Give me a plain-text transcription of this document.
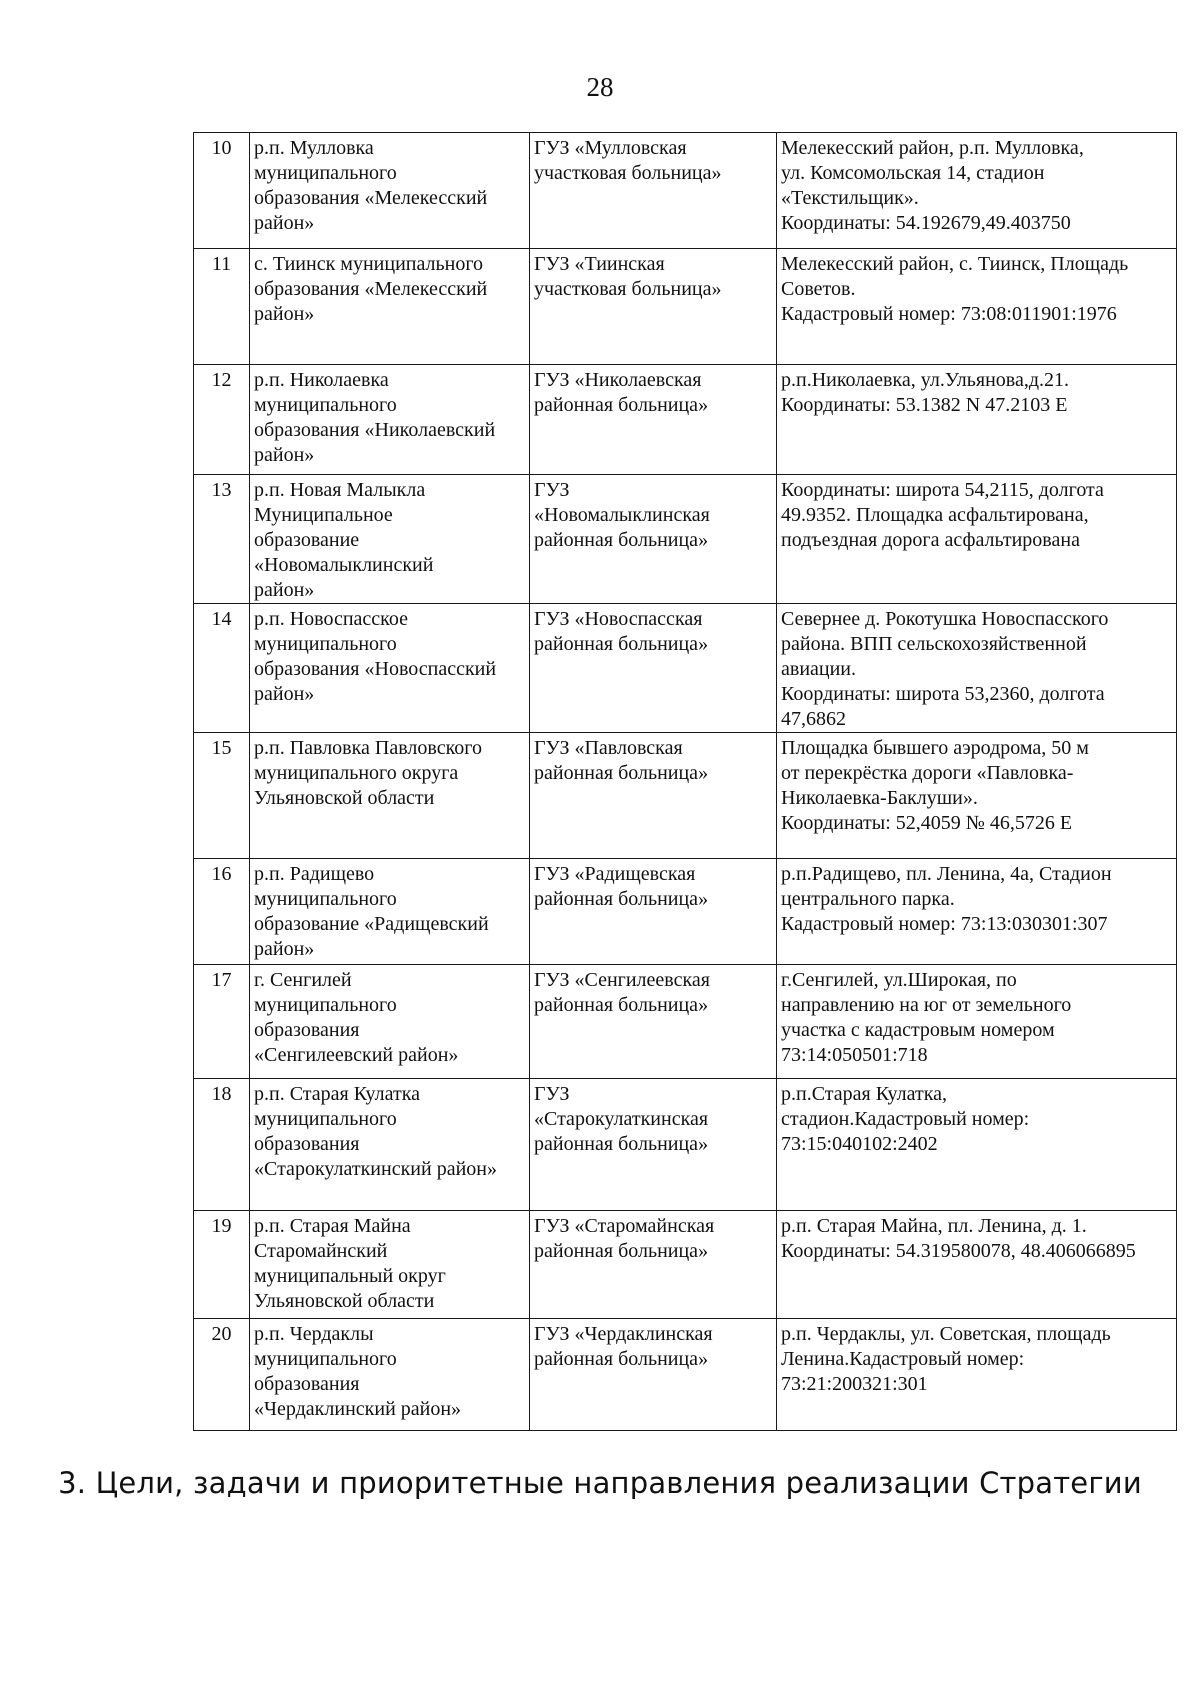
28
10	р.п. Мулловка
муниципального
образования «Мелекесский
район»	ГУЗ «Мулловская
участковая больница»	Мелекесский район, р.п. Мулловка,
ул. Комсомольская 14, стадион
«Текстильщик».
Координаты: 54.192679,49.403750

11	с. Тиинск муниципального
образования «Мелекесский
район»	ГУЗ «Тиинская
участковая больница»	Мелекесский район, с. Тиинск, Площадь
Советов.
Кадастровый номер: 73:08:011901:1976

12	р.п. Николаевка
муниципального
образования «Николаевский
район»	ГУЗ «Николаевская
районная больница»	р.п.Николаевка, ул.Ульянова,д.21.
Координаты: 53.1382 N 47.2103 E

13	р.п. Новая Малыкла
Муниципальное
образование
«Новомалыклинский
район»	ГУЗ
«Новомалыклинская
районная больница»	Координаты: широта 54,2115, долгота
49.9352. Площадка асфальтирована,
подъездная дорога асфальтирована

14	р.п. Новоспасское
муниципального
образования «Новоспасский
район»	ГУЗ «Новоспасская
районная больница»	Севернее д. Рокотушка Новоспасского
района. ВПП сельскохозяйственной
авиации.
Координаты: широта 53,2360, долгота
47,6862

15	р.п. Павловка Павловского
муниципального округа
Ульяновской области	ГУЗ «Павловская
районная больница»	Площадка бывшего аэродрома, 50 м
от перекрёстка дороги «Павловка-
Николаевка-Баклуши».
Координаты: 52,4059 № 46,5726 Е

16	р.п. Радищево
муниципального
образование «Радищевский
район»	ГУЗ «Радищевская
районная больница»	р.п.Радищево, пл. Ленина, 4а, Стадион
центрального парка.
Кадастровый номер: 73:13:030301:307

17	г. Сенгилей
муниципального
образования
«Сенгилеевский район»	ГУЗ «Сенгилеевская
районная больница»	г.Сенгилей, ул.Широкая, по
направлению на юг от земельного
участка с кадастровым номером
73:14:050501:718

18	р.п. Старая Кулатка
муниципального
образования
«Старокулаткинский район»	ГУЗ
«Старокулаткинская
районная больница»	р.п.Старая Кулатка,
стадион.Кадастровый номер:
73:15:040102:2402

19	р.п. Старая Майна
Старомайнский
муниципальный округ
Ульяновской области	ГУЗ «Старомайнская
районная больница»	р.п. Старая Майна, пл. Ленина, д. 1.
Координаты: 54.319580078, 48.406066895

20	р.п. Чердаклы
муниципального
образования
«Чердаклинский район»	ГУЗ «Чердаклинская
районная больница»	р.п. Чердаклы, ул. Советская, площадь
Ленина.Кадастровый номер:
73:21:200321:301
3. Цели, задачи и приоритетные направления реализации Стратегии
